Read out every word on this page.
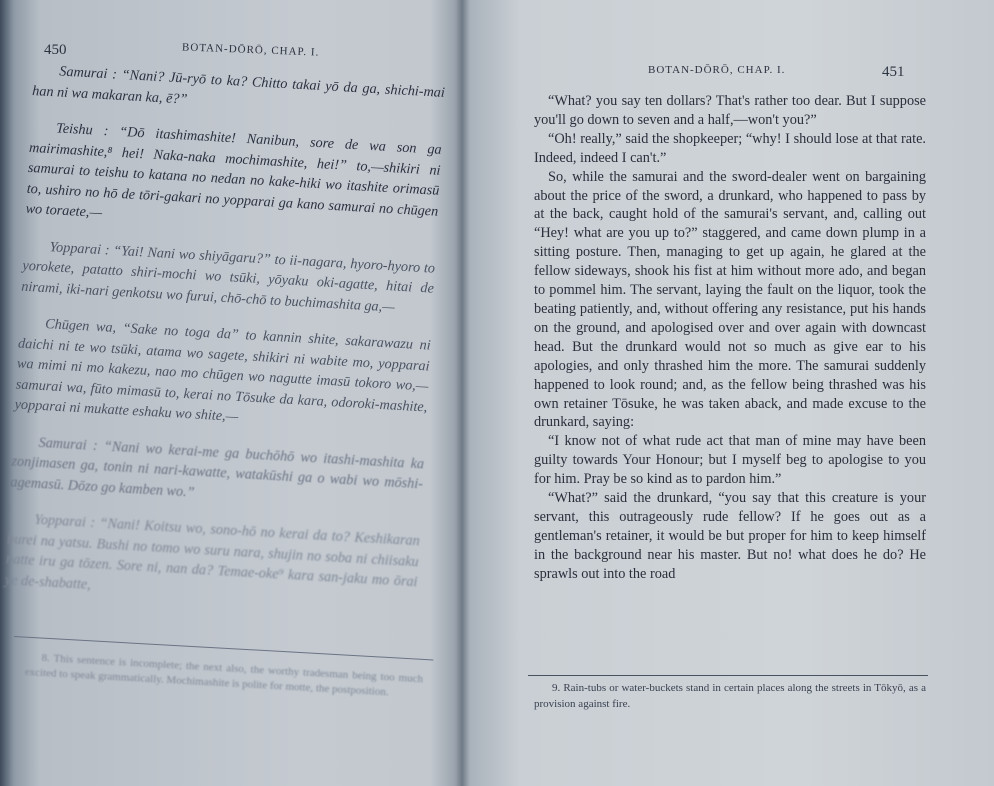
450	BOTAN-DŌRŌ, CHAP. I.

Samurai : “Nani? Jū-ryō to ka? Chitto takai yō da ga, shichi-mai han ni wa makaran ka, ē?”

Teishu : “Dō itashimashite! Nanibun, sore de wa son ga mairimashite,⁸ hei! Naka-naka mochimashite, hei!” to,—shikiri ni samurai to teishu to katana no nedan no kake-hiki wo itashite orimasū to, ushiro no hō de tōri-gakari no yopparai ga kano samurai no chūgen wo toraete,—

Yopparai : “Yai! Nani wo shiyāgaru?” to ii-nagara, hyoro-hyoro to yorokete, patatto shiri-mochi wo tsūki, yōyaku oki-agatte, hitai de nirami, iki-nari genkotsu wo furui, chō-chō to buchimashita ga,—

Chūgen wa, “Sake no toga da” to kannin shite, sakarawazu ni daichi ni te wo tsūki, atama wo sagete, shikiri ni wabite mo, yopparai wa mimi ni mo kakezu, nao mo chūgen wo nagutte imasū tokoro wo,—samurai wa, fūto mimasū to, kerai no Tōsuke da kara, odoroki-mashite, yopparai ni mukatte eshaku wo shite,—

Samurai : “Nani wo kerai-me ga buchōhō wo itashi-mashita ka zonjimasen ga, tonin ni nari-kawatte, watakūshi ga o wabi wo mōshi-agemasū. Dōzo go kamben wo.”

Yopparai : “Nani! Koitsu wo, sono-hō no kerai da to? Keshikaran burei na yatsu. Bushi no tomo wo suru nara, shujin no soba ni chiisaku natte iru ga tōzen. Sore ni, nan da? Temae-oke⁹ kara san-jaku mo ōrai ye de-shabatte,

8. This sentence is incomplete; the next also, the worthy tradesman being too much excited to speak grammatically. Mochimashite is polite for motte, the postposition.
BOTAN-DŌRŌ, CHAP. I.	451

“What? you say ten dollars? That's rather too dear. But I suppose you'll go down to seven and a half,—won't you?”

“Oh! really,” said the shopkeeper; “why! I should lose at that rate. Indeed, indeed I can't.”

So, while the samurai and the sword-dealer went on bargaining about the price of the sword, a drunkard, who happened to pass by at the back, caught hold of the samurai's servant, and, calling out “Hey! what are you up to?” staggered, and came down plump in a sitting posture. Then, managing to get up again, he glared at the fellow sideways, shook his fist at him without more ado, and began to pommel him. The servant, laying the fault on the liquor, took the beating patiently, and, without offering any resistance, put his hands on the ground, and apologised over and over again with downcast head. But the drunkard would not so much as give ear to his apologies, and only thrashed him the more. The samurai suddenly happened to look round; and, as the fellow being thrashed was his own retainer Tōsuke, he was taken aback, and made excuse to the drunkard, saying:

“I know not of what rude act that man of mine may have been guilty towards Your Honour; but I myself beg to apologise to you for him. Pray be so kind as to pardon him.”

“What?” said the drunkard, “you say that this creature is your servant, this outrageously rude fellow? If he goes out as a gentleman's retainer, it would be but proper for him to keep himself in the background near his master. But no! what does he do? He sprawls out into the road

9. Rain-tubs or water-buckets stand in certain places along the streets in Tōkyō, as a provision against fire.
